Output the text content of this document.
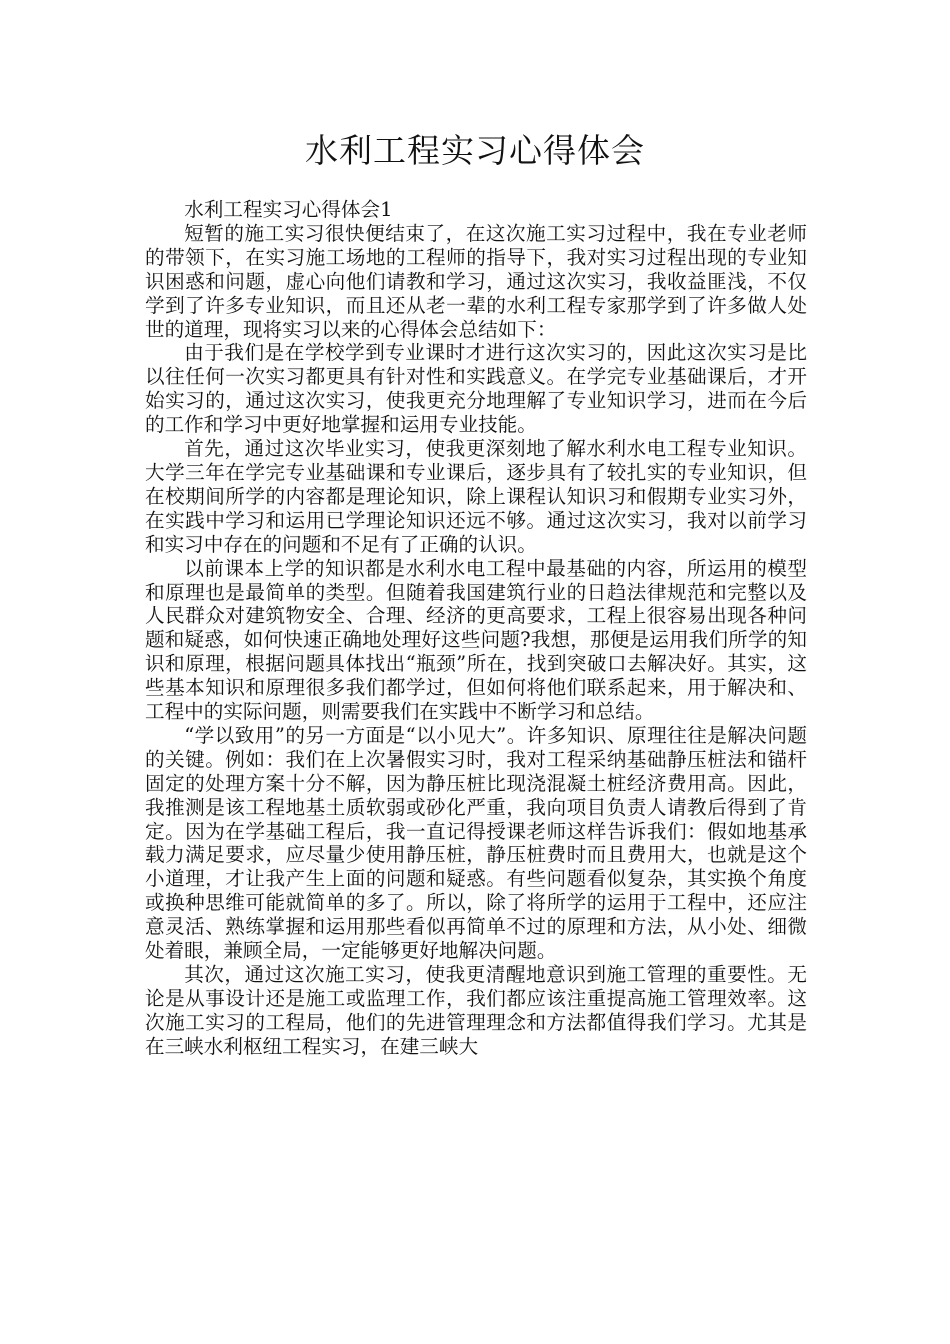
水利工程实习心得体会

水利工程实习心得体会1

短暂的施工实习很快便结束了，在这次施工实习过程中，我在专业老师的带领下，在实习施工场地的工程师的指导下，我对实习过程出现的专业知识困惑和问题，虚心向他们请教和学习，通过这次实习，我收益匪浅，不仅学到了许多专业知识，而且还从老一辈的水利工程专家那学到了许多做人处世的道理，现将实习以来的心得体会总结如下：

由于我们是在学校学到专业课时才进行这次实习的，因此这次实习是比以往任何一次实习都更具有针对性和实践意义。在学完专业基础课后，才开始实习的，通过这次实习，使我更充分地理解了专业知识学习，进而在今后的工作和学习中更好地掌握和运用专业技能。

首先，通过这次毕业实习，使我更深刻地了解水利水电工程专业知识。大学三年在学完专业基础课和专业课后，逐步具有了较扎实的专业知识，但在校期间所学的内容都是理论知识，除上课程认知识习和假期专业实习外，在实践中学习和运用已学理论知识还远不够。通过这次实习，我对以前学习和实习中存在的问题和不足有了正确的认识。

以前课本上学的知识都是水利水电工程中最基础的内容，所运用的模型和原理也是最简单的类型。但随着我国建筑行业的日趋法律规范和完整以及人民群众对建筑物安全、合理、经济的更高要求，工程上很容易出现各种问题和疑惑，如何快速正确地处理好这些问题?我想，那便是运用我们所学的知识和原理，根据问题具体找出“瓶颈”所在，找到突破口去解决好。其实，这些基本知识和原理很多我们都学过，但如何将他们联系起来，用于解决和、工程中的实际问题，则需要我们在实践中不断学习和总结。

“学以致用”的另一方面是“以小见大”。许多知识、原理往往是解决问题的关键。例如：我们在上次暑假实习时，我对工程采纳基础静压桩法和锚杆固定的处理方案十分不解，因为静压桩比现浇混凝土桩经济费用高。因此，我推测是该工程地基土质软弱或砂化严重，我向项目负责人请教后得到了肯定。因为在学基础工程后，我一直记得授课老师这样告诉我们：假如地基承载力满足要求，应尽量少使用静压桩，静压桩费时而且费用大，也就是这个小道理，才让我产生上面的问题和疑惑。有些问题看似复杂，其实换个角度或换种思维可能就简单的多了。所以，除了将所学的运用于工程中，还应注意灵活、熟练掌握和运用那些看似再简单不过的原理和方法，从小处、细微处着眼，兼顾全局，一定能够更好地解决问题。

其次，通过这次施工实习，使我更清醒地意识到施工管理的重要性。无论是从事设计还是施工或监理工作，我们都应该注重提高施工管理效率。这次施工实习的工程局，他们的先进管理理念和方法都值得我们学习。尤其是在三峡水利枢纽工程实习，在建三峡大
